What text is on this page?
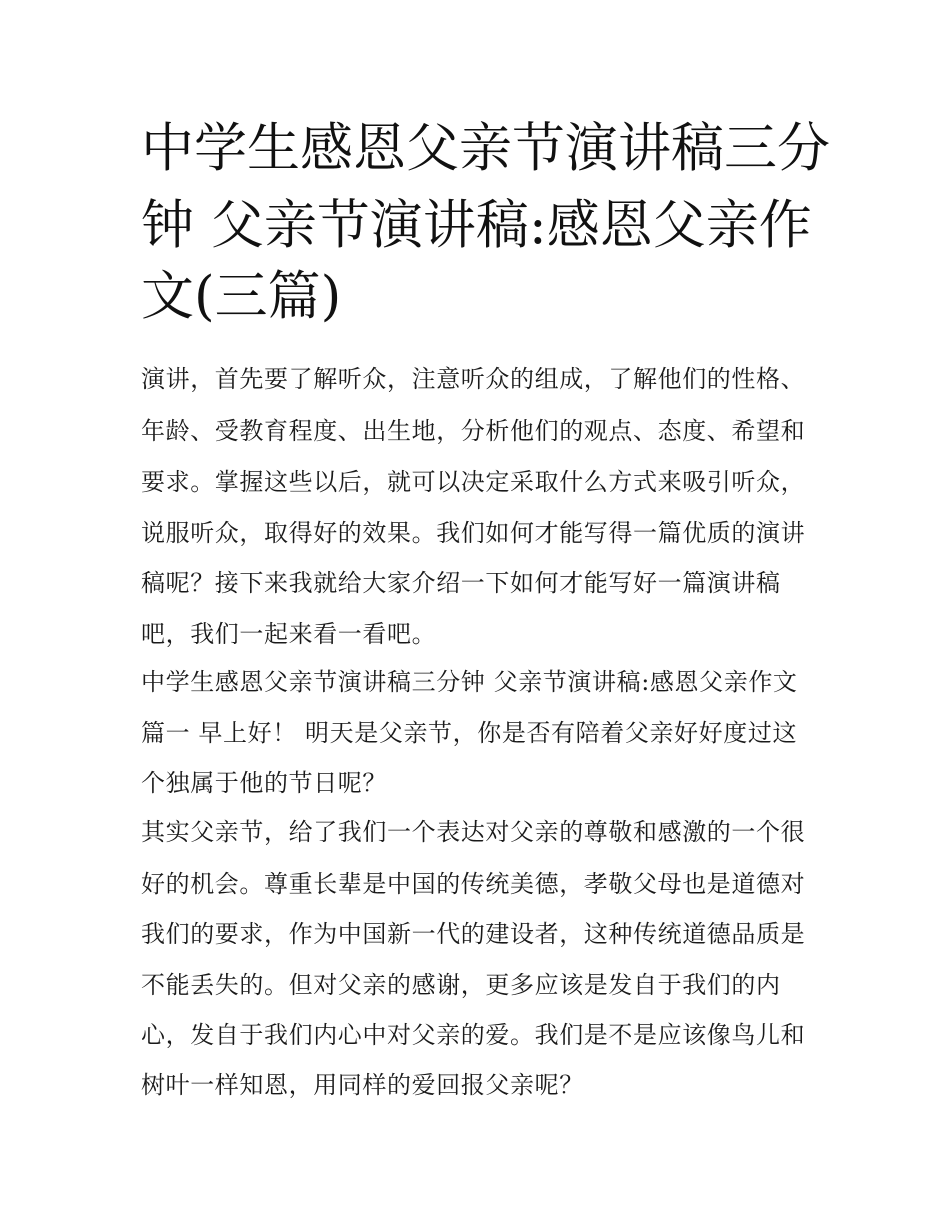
中学生感恩父亲节演讲稿三分
钟 父亲节演讲稿:感恩父亲作
文(三篇)
演讲，首先要了解听众，注意听众的组成，了解他们的性格、
年龄、受教育程度、出生地，分析他们的观点、态度、希望和
要求。掌握这些以后，就可以决定采取什么方式来吸引听众，
说服听众，取得好的效果。我们如何才能写得一篇优质的演讲
稿呢？接下来我就给大家介绍一下如何才能写好一篇演讲稿
吧，我们一起来看一看吧。
中学生感恩父亲节演讲稿三分钟 父亲节演讲稿:感恩父亲作文
篇一 早上好！ 明天是父亲节，你是否有陪着父亲好好度过这
个独属于他的节日呢？
其实父亲节，给了我们一个表达对父亲的尊敬和感激的一个很
好的机会。尊重长辈是中国的传统美德，孝敬父母也是道德对
我们的要求，作为中国新一代的建设者，这种传统道德品质是
不能丢失的。但对父亲的感谢，更多应该是发自于我们的内
心，发自于我们内心中对父亲的爱。我们是不是应该像鸟儿和
树叶一样知恩，用同样的爱回报父亲呢？
